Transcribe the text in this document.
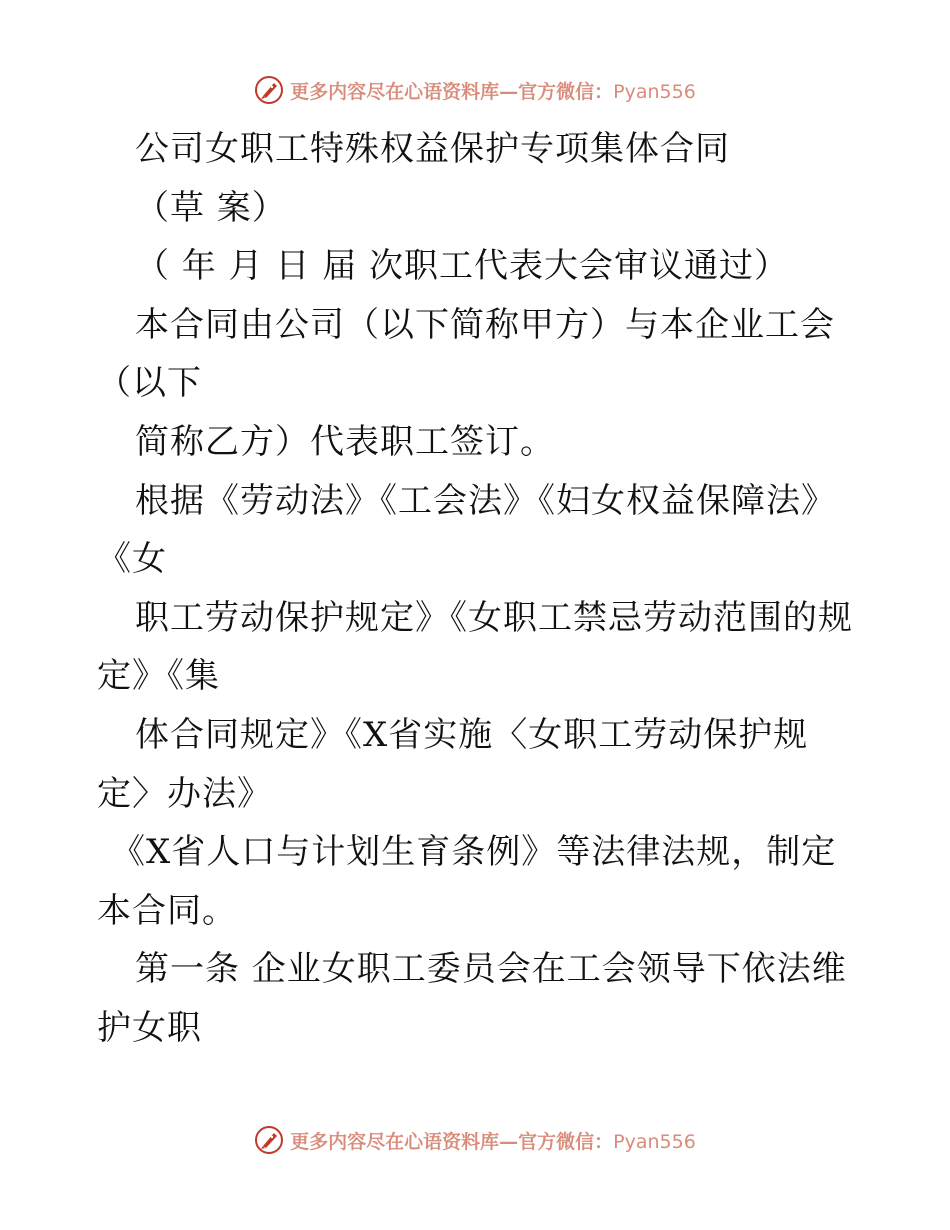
更多内容尽在心语资料库—官方微信：Pyan556
公司女职工特殊权益保护专项集体合同
（草 案）
（ 年 月 日 届 次职工代表大会审议通过）
本合同由公司（以下简称甲方）与本企业工会
（以下
简称乙方）代表职工签订。
根据《劳动法》《工会法》《妇女权益保障法》
《女
职工劳动保护规定》《女职工禁忌劳动范围的规
定》《集
体合同规定》《X省实施〈女职工劳动保护规
定〉办法》
《X省人口与计划生育条例》等法律法规，制定
本合同。
第一条 企业女职工委员会在工会领导下依法维
护女职
更多内容尽在心语资料库—官方微信：Pyan556
